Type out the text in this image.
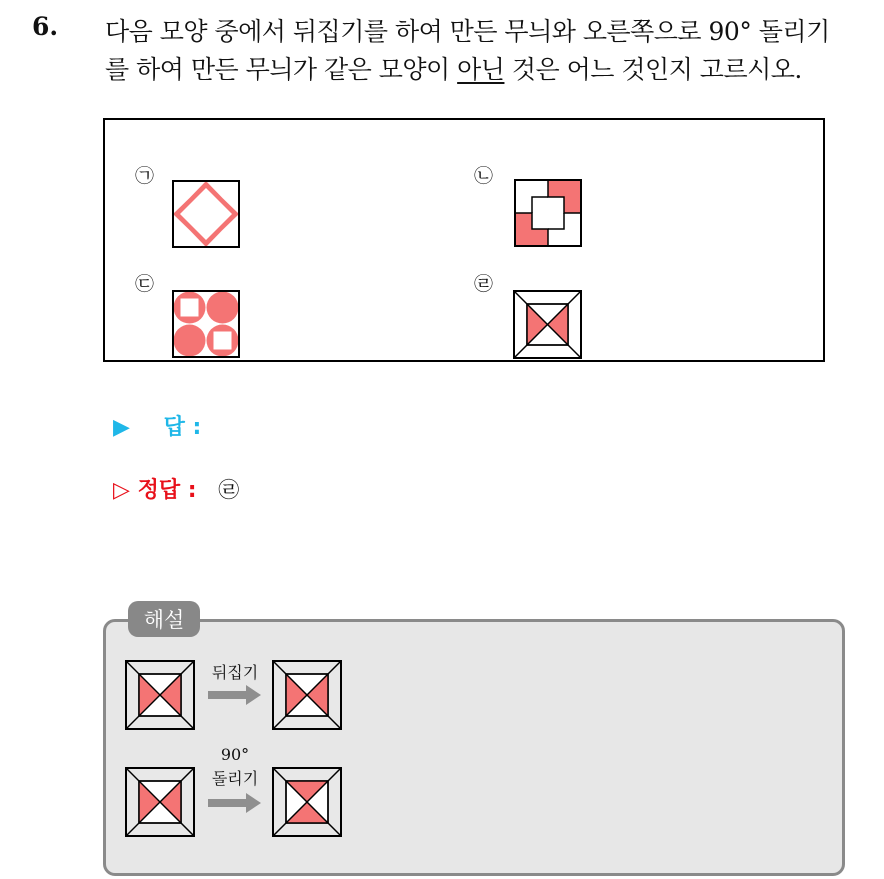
6. 다음 모양 중에서 뒤집기를 하여 만든 무늬와 오른쪽으로 90° 돌리기
를 하여 만든 무늬가 같은 모양이 아닌 것은 어느 것인지 고르시오.
㉠	㉡
㉢	㉣
▶ 답 :
▷ 정답 : ㉣
해설
뒤집기
90°
돌리기
